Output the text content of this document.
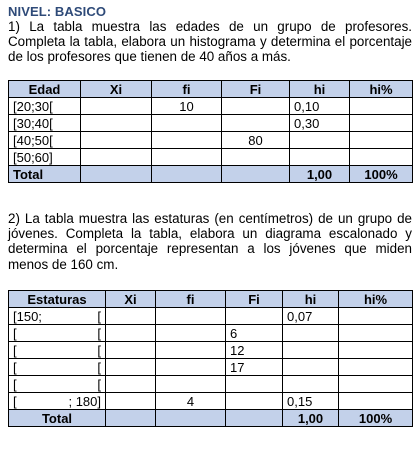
NIVEL: BASICO
1) La tabla muestra las edades de un grupo de profesores. Completa la tabla, elabora un histograma y determina el porcentaje de los profesores que tienen de 40 años a más.
Edad	Xi	fi	Fi	hi	hi%
[20;30[		10		0,10	
[30;40[				0,30	
[40;50[			80		
[50;60]					
Total				1,00	100%
2) La tabla muestra las estaturas (en centímetros) de un grupo de jóvenes. Completa la tabla, elabora un diagrama escalonado y determina el porcentaje representan a los jóvenes que miden menos de 160 cm.
Estaturas	Xi	fi	Fi	hi	hi%

[150; [				0,07	

[ [			6		

[ [			12		

[ [			17		

[ [					

[ ; 180]		4		0,15	
Total				1,00	100%
